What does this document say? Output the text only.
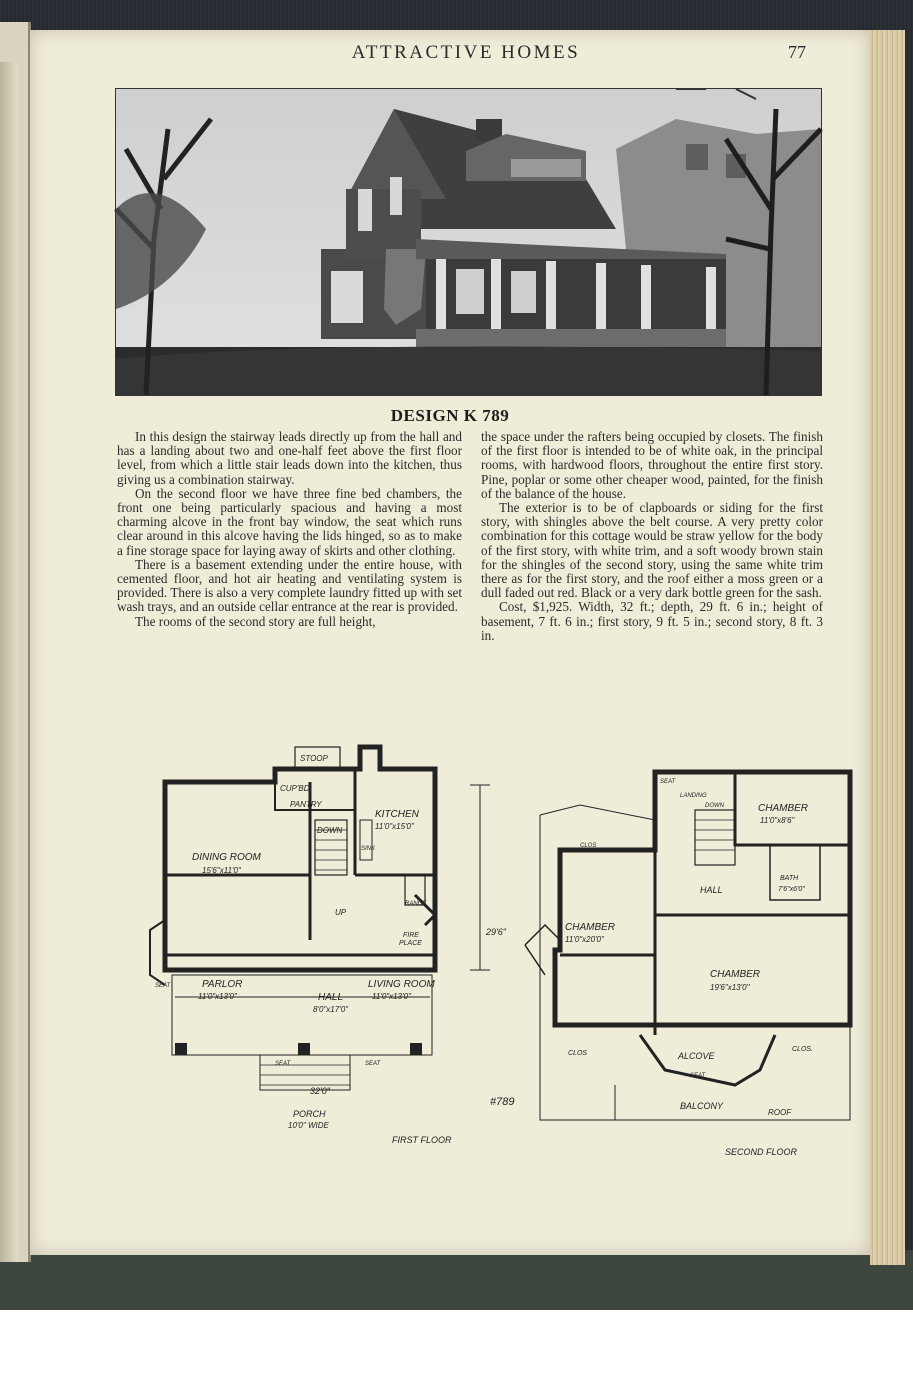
ATTRACTIVE HOMES	77
DESIGN K 789

In this design the stairway leads directly up from the hall and has a landing about two and one-half feet above the first floor level, from which a little stair leads down into the kitchen, thus giving us a combination stairway.

On the second floor we have three fine bed chambers, the front one being particularly spacious and having a most charming alcove in the front bay window, the seat which runs clear around in this alcove having the lids hinged, so as to make a fine storage space for laying away of skirts and other clothing.

There is a basement extending under the entire house, with cemented floor, and hot air heating and ventilating system is provided. There is also a very complete laundry fitted up with set wash trays, and an outside cellar entrance at the rear is provided.

The rooms of the second story are full height,

the space under the rafters being occupied by closets. The finish of the first floor is intended to be of white oak, in the principal rooms, with hardwood floors, throughout the entire first story. Pine, poplar or some other cheaper wood, painted, for the finish of the balance of the house.

The exterior is to be of clapboards or siding for the first story, with shingles above the belt course. A very pretty color combination for this cottage would be straw yellow for the body of the first story, with white trim, and a soft woody brown stain for the shingles of the second story, using the same white trim there as for the first story, and the roof either a moss green or a dull faded out red. Black or a very dark bottle green for the sash.

Cost, $1,925. Width, 32 ft.; depth, 29 ft. 6 in.; height of basement, 7 ft. 6 in.; first story, 9 ft. 5 in.; second story, 8 ft. 3 in.

STOOP
CUP'BD
PANTRY
KITCHEN
11'0"x15'0"
DINING ROOM
15'6"x11'0"
DOWN
UP
SINK
RANGE
FIRE
PLACE
PARLOR
11'0"x13'0"	HALL
8'0"x17'0"
LIVING ROOM
11'0"x13'0"
SEAT
SEAT	SEAT
32'0"
29'6"
PORCH
10'0" WIDE
#789
FIRST FLOOR
SEAT
LANDING
DOWN	CHAMBER
11'0"x8'6"
CLOS
BATH
7'6"x6'0"
HALL
CHAMBER
11'0"x20'0"
CHAMBER
19'6"x13'0"
CLOS
CLOS.
ALCOVE
SEAT
BALCONY
ROOF
SECOND FLOOR
